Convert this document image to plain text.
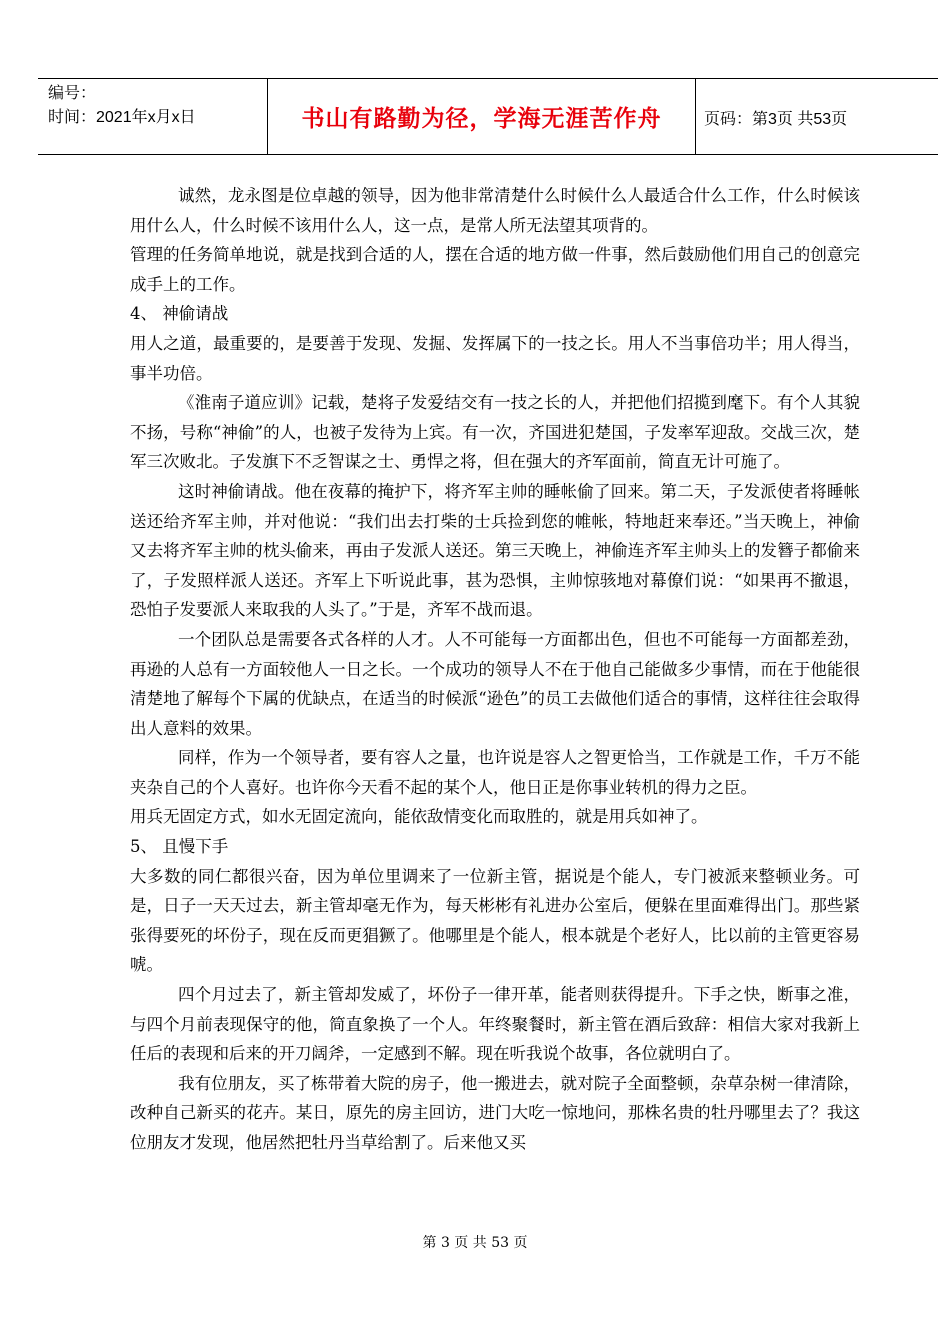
编号：
时间：2021年x月x日	书山有路勤为径，学海无涯苦作舟	页码：第3页 共53页

诚然，龙永图是位卓越的领导，因为他非常清楚什么时候什么人最适合什么工作，什么时候该用什么人，什么时候不该用什么人，这一点，是常人所无法望其项背的。

管理的任务简单地说，就是找到合适的人，摆在合适的地方做一件事，然后鼓励他们用自己的创意完成手上的工作。

4、 神偷请战

用人之道，最重要的，是要善于发现、发掘、发挥属下的一技之长。用人不当事倍功半；用人得当，事半功倍。

《淮南子道应训》记载，楚将子发爱结交有一技之长的人，并把他们招揽到麾下。有个人其貌不扬，号称“神偷”的人，也被子发待为上宾。有一次，齐国进犯楚国，子发率军迎敌。交战三次，楚军三次败北。子发旗下不乏智谋之士、勇悍之将，但在强大的齐军面前，简直无计可施了。

这时神偷请战。他在夜幕的掩护下，将齐军主帅的睡帐偷了回来。第二天，子发派使者将睡帐送还给齐军主帅，并对他说：“我们出去打柴的士兵捡到您的帷帐，特地赶来奉还。”当天晚上，神偷又去将齐军主帅的枕头偷来，再由子发派人送还。第三天晚上，神偷连齐军主帅头上的发簪子都偷来了，子发照样派人送还。齐军上下听说此事，甚为恐惧，主帅惊骇地对幕僚们说：“如果再不撤退，恐怕子发要派人来取我的人头了。”于是，齐军不战而退。

一个团队总是需要各式各样的人才。人不可能每一方面都出色，但也不可能每一方面都差劲，再逊的人总有一方面较他人一日之长。一个成功的领导人不在于他自己能做多少事情，而在于他能很清楚地了解每个下属的优缺点，在适当的时候派“逊色”的员工去做他们适合的事情，这样往往会取得出人意料的效果。

同样，作为一个领导者，要有容人之量，也许说是容人之智更恰当，工作就是工作，千万不能夹杂自己的个人喜好。也许你今天看不起的某个人，他日正是你事业转机的得力之臣。

用兵无固定方式，如水无固定流向，能依敌情变化而取胜的，就是用兵如神了。

5、 且慢下手

大多数的同仁都很兴奋，因为单位里调来了一位新主管，据说是个能人，专门被派来整顿业务。可是，日子一天天过去，新主管却毫无作为，每天彬彬有礼进办公室后，便躲在里面难得出门。那些紧张得要死的坏份子，现在反而更猖獗了。他哪里是个能人，根本就是个老好人，比以前的主管更容易唬。

四个月过去了，新主管却发威了，坏份子一律开革，能者则获得提升。下手之快，断事之准，与四个月前表现保守的他，简直象换了一个人。年终聚餐时，新主管在酒后致辞：相信大家对我新上任后的表现和后来的开刀阔斧，一定感到不解。现在听我说个故事，各位就明白了。

我有位朋友，买了栋带着大院的房子，他一搬进去，就对院子全面整顿，杂草杂树一律清除，改种自己新买的花卉。某日，原先的房主回访，进门大吃一惊地问，那株名贵的牡丹哪里去了？我这位朋友才发现，他居然把牡丹当草给割了。后来他又买

第 3 页 共 53 页
